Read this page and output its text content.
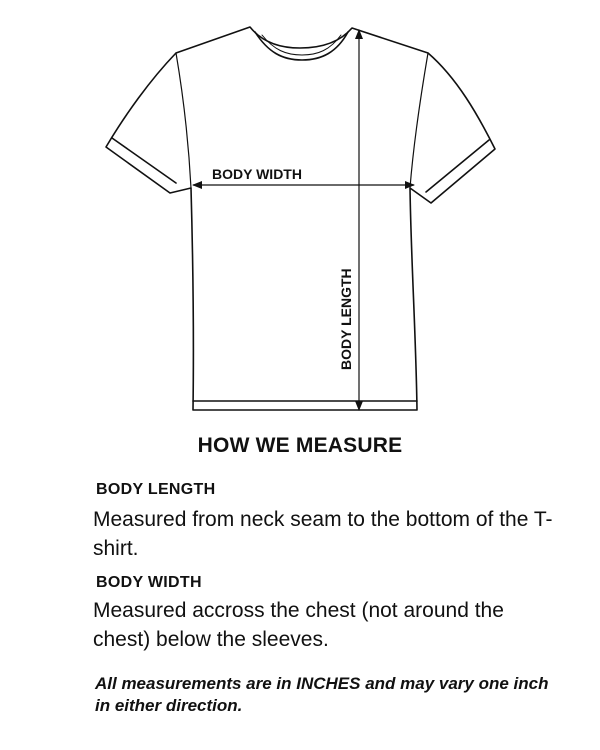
BODY WIDTH
BODY LENGTH
HOW WE MEASURE
BODY LENGTH
Measured from neck seam to the bottom of the T-shirt.
BODY WIDTH
Measured accross the chest (not around the chest) below the sleeves.
All measurements are in INCHES and may vary one inch in either direction.
